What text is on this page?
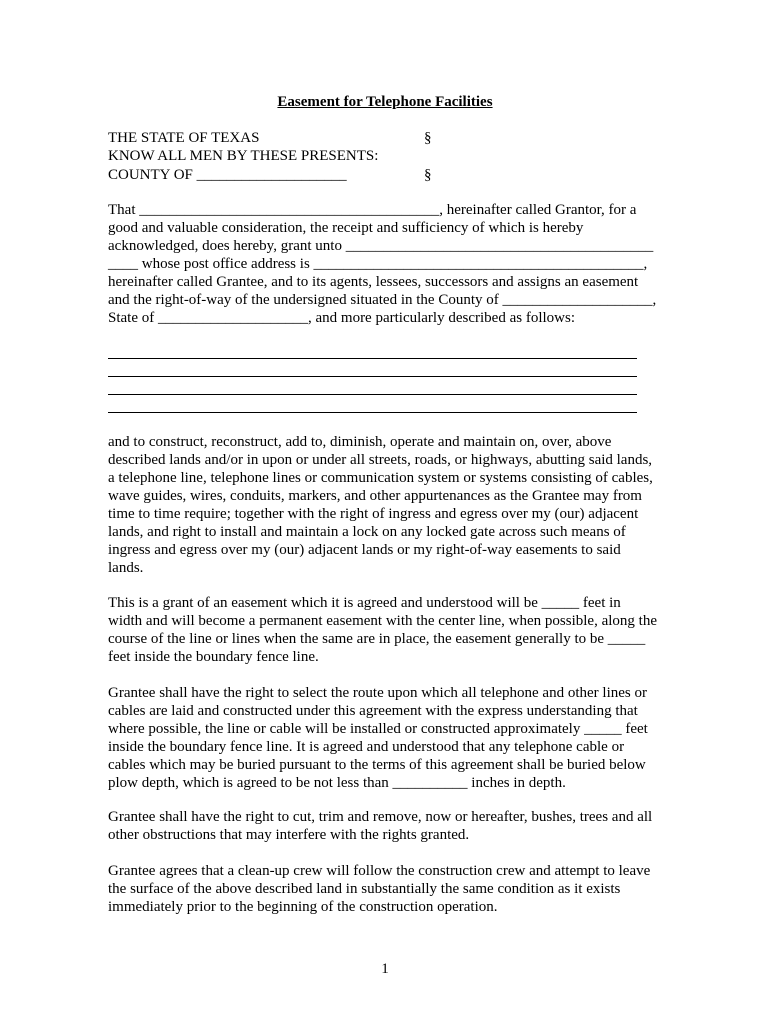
Easement for Telephone Facilities
THE STATE OF TEXAS	§
KNOW ALL MEN BY THESE PRESENTS:
COUNTY OF ____________________	§
That ________________________________________, hereinafter called Grantor, for a
good and valuable consideration, the receipt and sufficiency of which is hereby
acknowledged, does hereby, grant unto _________________________________________
____ whose post office address is ____________________________________________,
hereinafter called Grantee, and to its agents, lessees, successors and assigns an easement
and the right-of-way of the undersigned situated in the County of ____________________,
State of ____________________, and more particularly described as follows:
and to construct, reconstruct, add to, diminish, operate and maintain on, over, above
described lands and/or in upon or under all streets, roads, or highways, abutting said lands,
a telephone line, telephone lines or communication system or systems consisting of cables,
wave guides, wires, conduits, markers, and other appurtenances as the Grantee may from
time to time require; together with the right of ingress and egress over my (our) adjacent
lands, and right to install and maintain a lock on any locked gate across such means of
ingress and egress over my (our) adjacent lands or my right-of-way easements to said
lands.
This is a grant of an easement which it is agreed and understood will be _____ feet in
width and will become a permanent easement with the center line, when possible, along the
course of the line or lines when the same are in place, the easement generally to be _____
feet inside the boundary fence line.
Grantee shall have the right to select the route upon which all telephone and other lines or
cables are laid and constructed under this agreement with the express understanding that
where possible, the line or cable will be installed or constructed approximately _____ feet
inside the boundary fence line. It is agreed and understood that any telephone cable or
cables which may be buried pursuant to the terms of this agreement shall be buried below
plow depth, which is agreed to be not less than __________ inches in depth.
Grantee shall have the right to cut, trim and remove, now or hereafter, bushes, trees and all
other obstructions that may interfere with the rights granted.
Grantee agrees that a clean-up crew will follow the construction crew and attempt to leave
the surface of the above described land in substantially the same condition as it exists
immediately prior to the beginning of the construction operation.
1
